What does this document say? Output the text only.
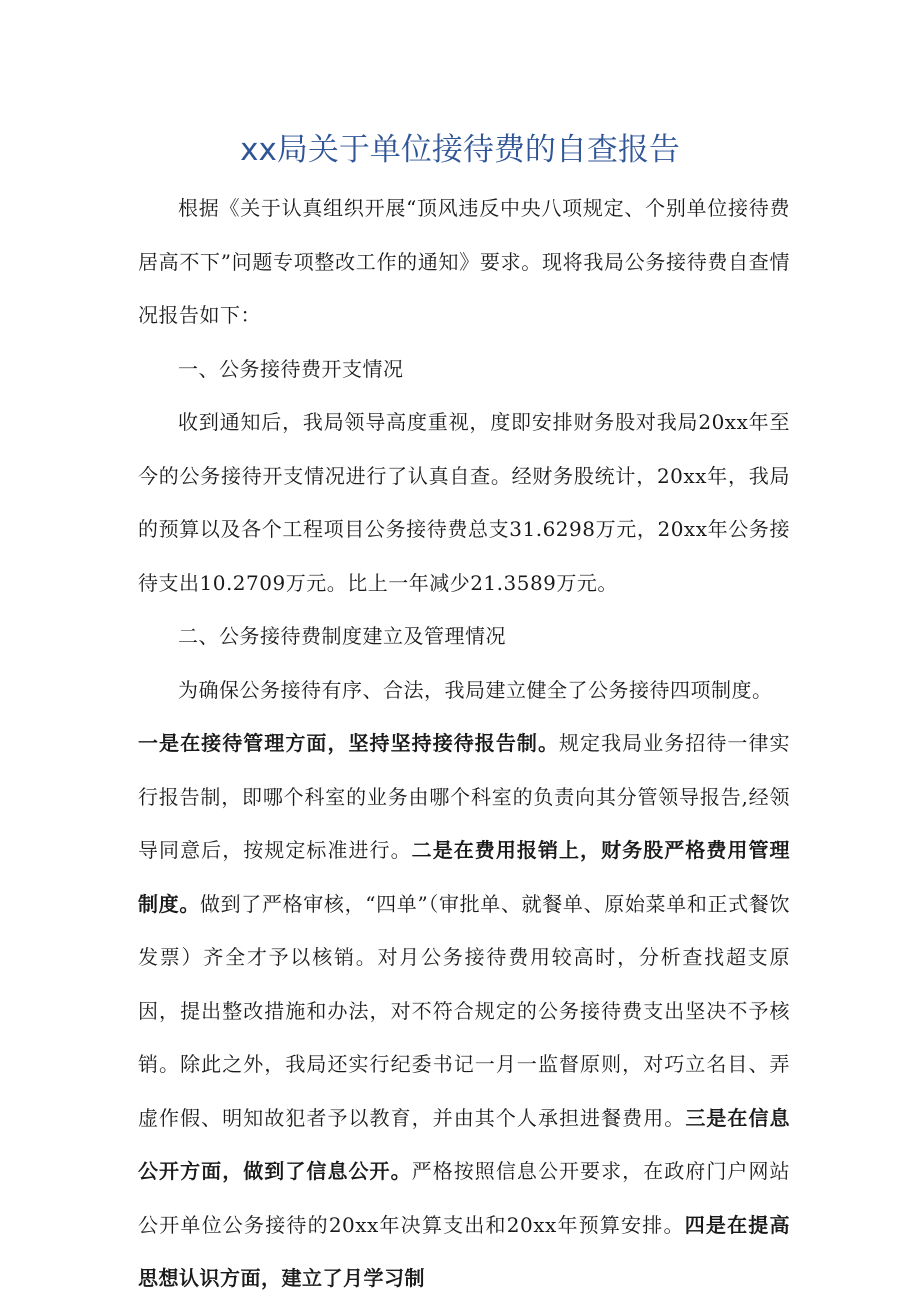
xx局关于单位接待费的自查报告

根据《关于认真组织开展“顶风违反中央八项规定、个别单位接待费居高不下”问题专项整改工作的通知》要求。现将我局公务接待费自查情况报告如下：

一、公务接待费开支情况

收到通知后，我局领导高度重视，度即安排财务股对我局20xx年至今的公务接待开支情况进行了认真自查。经财务股统计，20xx年，我局的预算以及各个工程项目公务接待费总支31.6298万元，20xx年公务接待支出10.2709万元。比上一年减少21.3589万元。

二、公务接待费制度建立及管理情况

为确保公务接待有序、合法，我局建立健全了公务接待四项制度。

一是在接待管理方面，坚持坚持接待报告制。规定我局业务招待一律实行报告制，即哪个科室的业务由哪个科室的负责向其分管领导报告,经领导同意后，按规定标准进行。二是在费用报销上，财务股严格费用管理制度。做到了严格审核，“四单”（审批单、就餐单、原始菜单和正式餐饮发票）齐全才予以核销。对月公务接待费用较高时，分析查找超支原因，提出整改措施和办法，对不符合规定的公务接待费支出坚决不予核销。除此之外，我局还实行纪委书记一月一监督原则，对巧立名目、弄虚作假、明知故犯者予以教育，并由其个人承担进餐费用。三是在信息公开方面，做到了信息公开。严格按照信息公开要求，在政府门户网站公开单位公务接待的20xx年决算支出和20xx年预算安排。四是在提高思想认识方面，建立了月学习制
